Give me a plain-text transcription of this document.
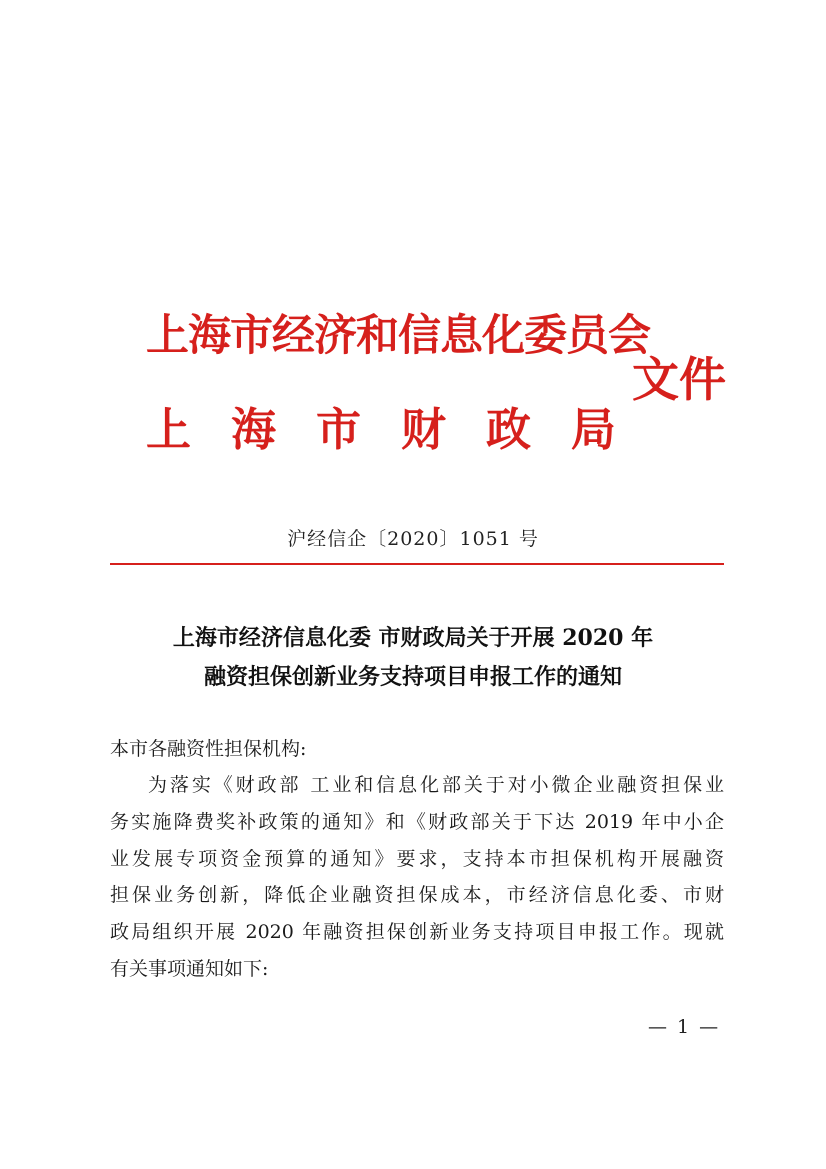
上海市经济和信息化委员会
上 海 市 财 政 局
文件
沪经信企〔2020〕1051 号
上海市经济信息化委 市财政局关于开展 2020 年
融资担保创新业务支持项目申报工作的通知
本市各融资性担保机构:
为落实《财政部 工业和信息化部关于对小微企业融资担保业
务实施降费奖补政策的通知》和《财政部关于下达 2019 年中小企
业发展专项资金预算的通知》要求，支持本市担保机构开展融资
担保业务创新，降低企业融资担保成本，市经济信息化委、市财
政局组织开展 2020 年融资担保创新业务支持项目申报工作。现就
有关事项通知如下:
— 1 —
